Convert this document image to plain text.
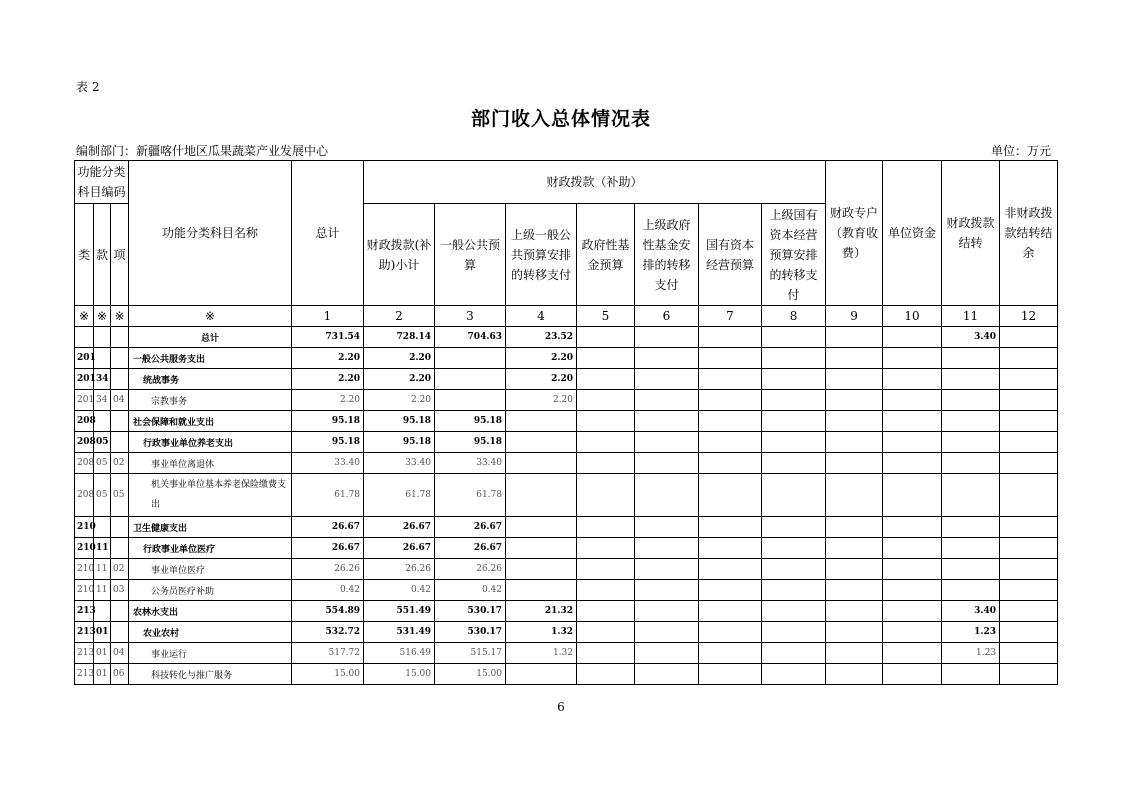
表 2
部门收入总体情况表
编制部门：新疆喀什地区瓜果蔬菜产业发展中心	单位：万元
功能分类科目编码			功能分类科目名称	总计	财政拨款（补助）							财政专户（教育收费）	单位资金	财政拨款结转	非财政拨款结转结余
类	款	项			财政拨款(补助)小计	一般公共预算	上级一般公共预算安排的转移支付	政府性基金预算	上级政府性基金安排的转移支付	国有资本经营预算	上级国有资本经营预算安排的转移支付				
※	※	※	※	1	2	3	4	5	6	7	8	9	10	11	12
			总计	731.54	728.14	704.63	23.52							3.40	
201			一般公共服务支出	2.20	2.20		2.20								
201	34		统战事务	2.20	2.20		2.20								
201	34	04	宗教事务	2.20	2.20		2.20								
208			社会保障和就业支出	95.18	95.18	95.18									
208	05		行政事业单位养老支出	95.18	95.18	95.18									
208	05	02	事业单位离退休	33.40	33.40	33.40									
208	05	05	机关事业单位基本养老保险缴费支出	61.78	61.78	61.78									
210			卫生健康支出	26.67	26.67	26.67									
210	11		行政事业单位医疗	26.67	26.67	26.67									
210	11	02	事业单位医疗	26.26	26.26	26.26									
210	11	03	公务员医疗补助	0.42	0.42	0.42									
213			农林水支出	554.89	551.49	530.17	21.32							3.40	
213	01		农业农村	532.72	531.49	530.17	1.32							1.23	
213	01	04	事业运行	517.72	516.49	515.17	1.32							1.23	
213	01	06	科技转化与推广服务	15.00	15.00	15.00									
6
